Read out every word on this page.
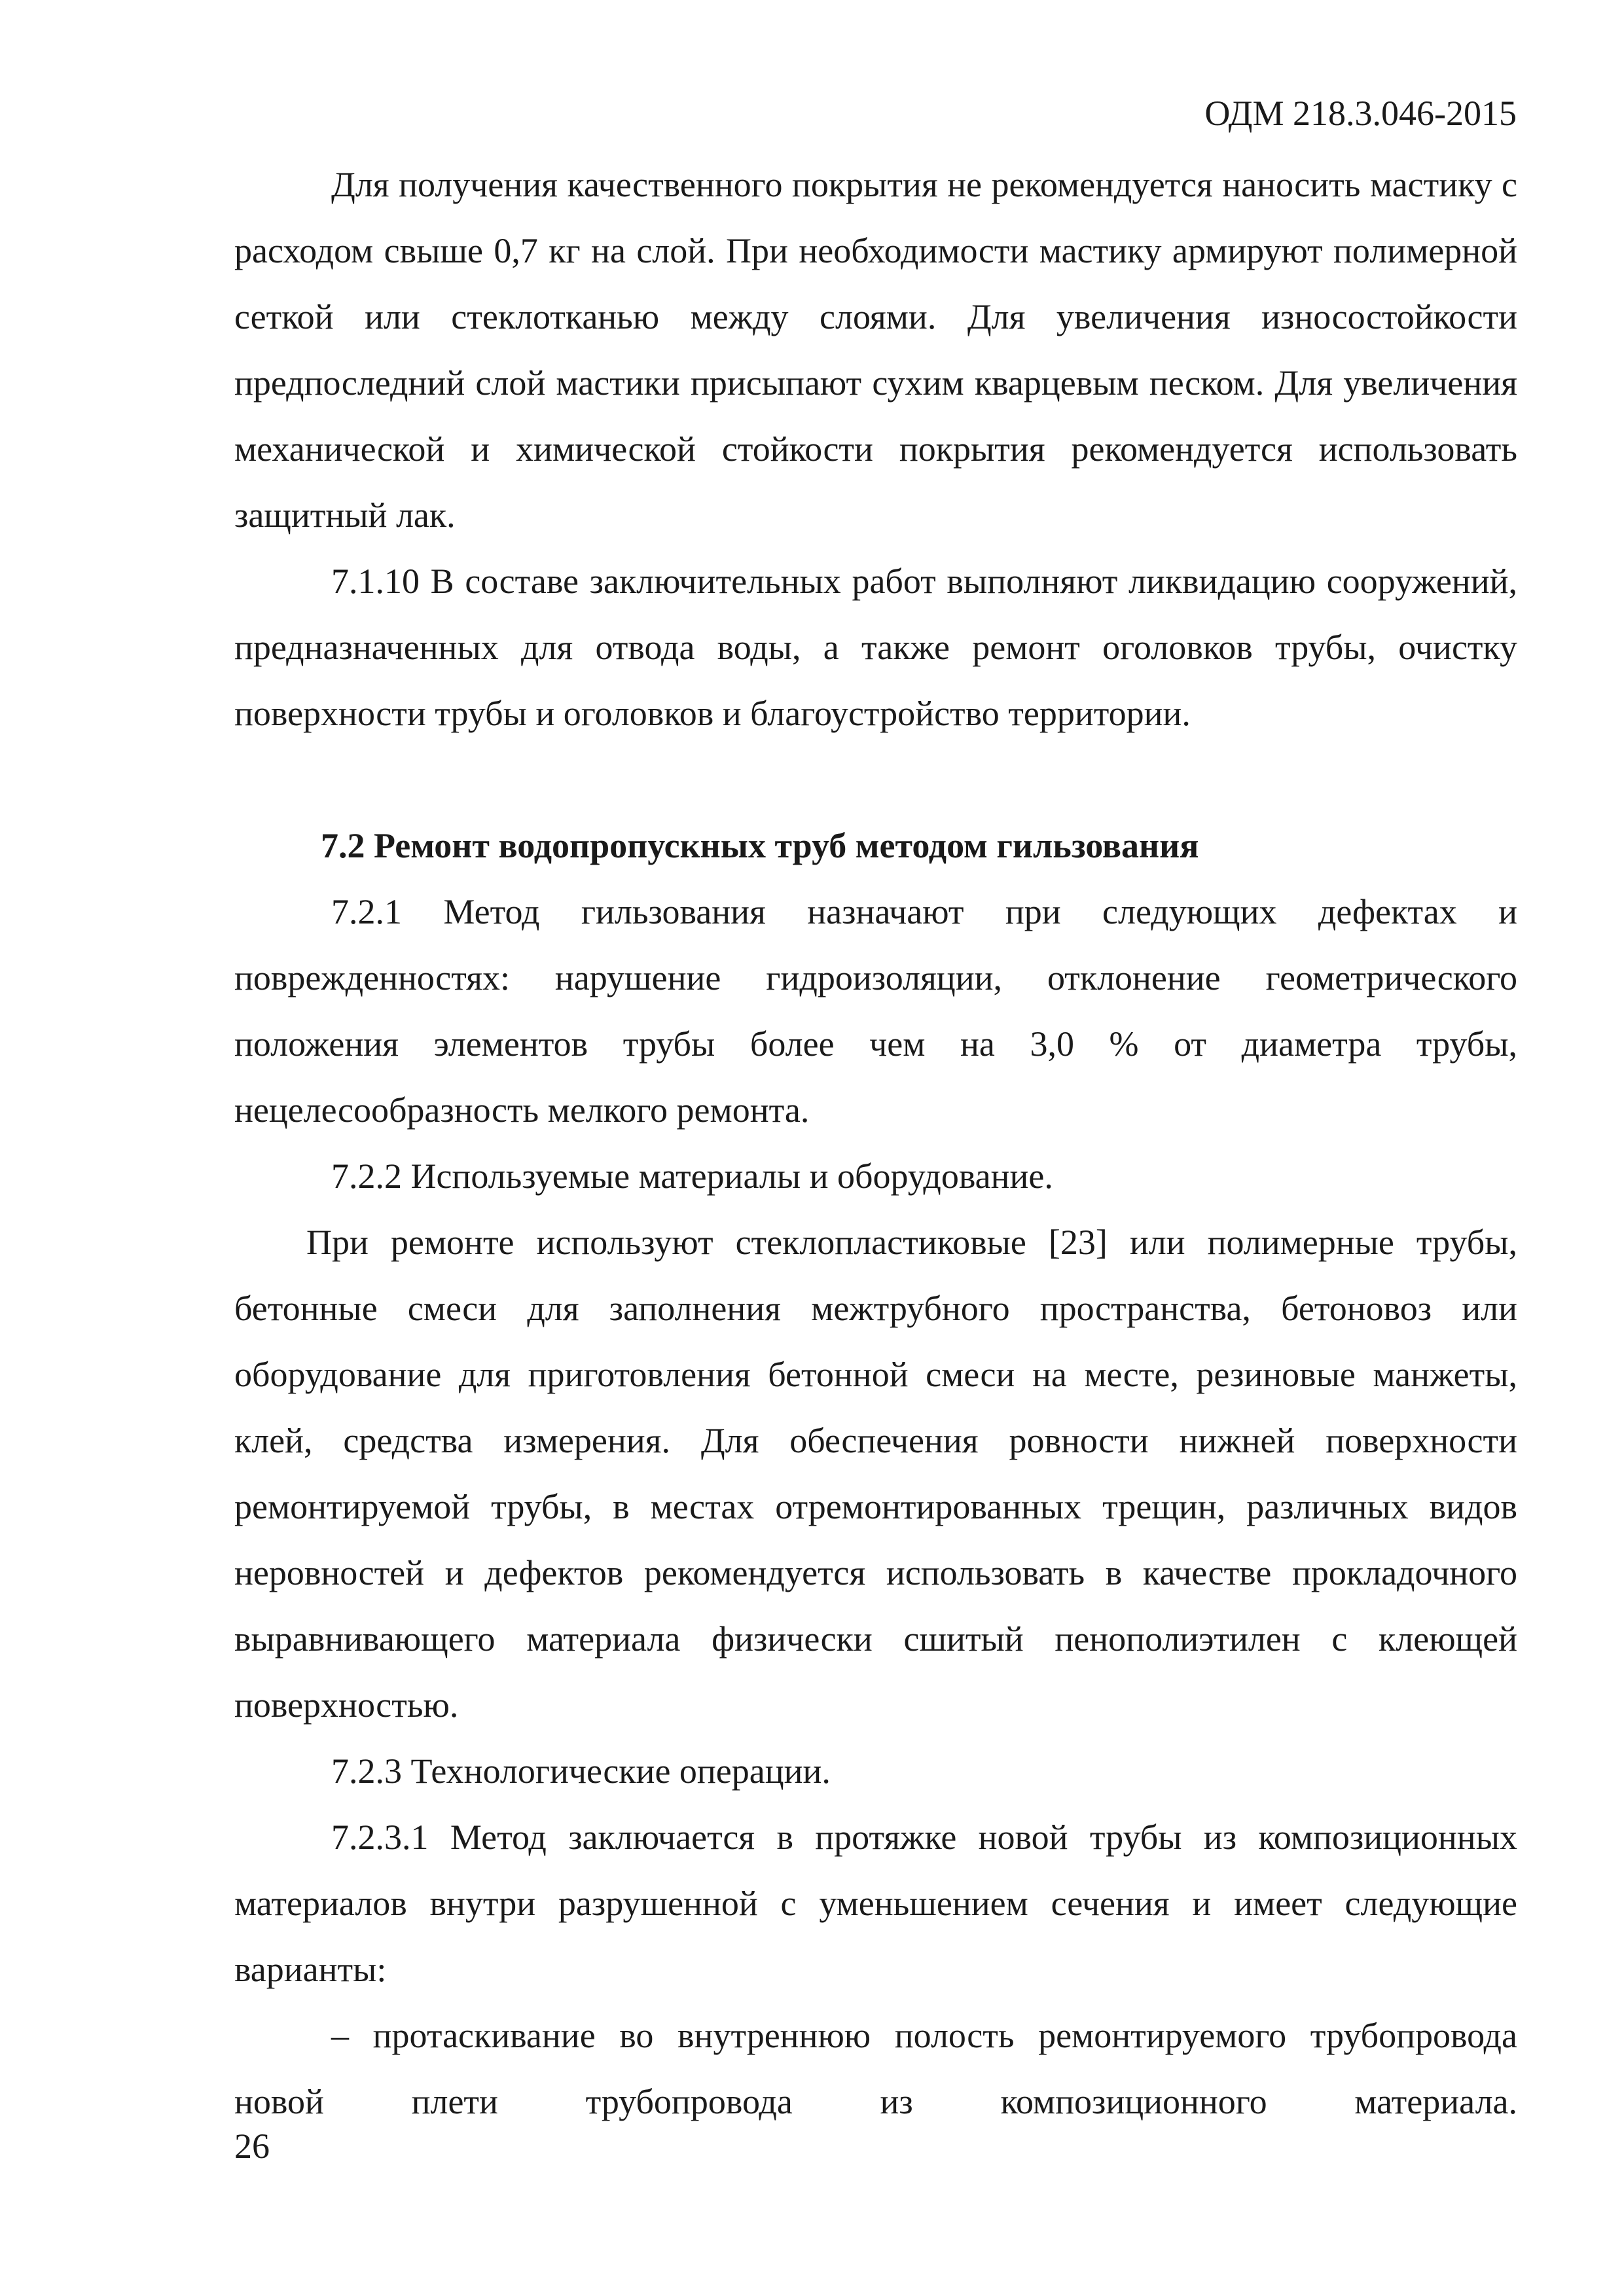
ОДМ 218.3.046-2015

Для получения качественного покрытия не рекомендуется наносить мастику с расходом свыше 0,7 кг на слой. При необходимости мастику армируют полимерной сеткой или стеклотканью между слоями. Для увеличения износостойкости предпоследний слой мастики присыпают сухим кварцевым песком. Для увеличения механической и химической стойкости покрытия рекомендуется использовать защитный лак.

7.1.10 В составе заключительных работ выполняют ликвидацию сооружений, предназначенных для отвода воды, а также ремонт оголовков трубы, очистку поверхности трубы и оголовков и благоустройство территории.

7.2 Ремонт водопропускных труб методом гильзования

7.2.1 Метод гильзования назначают при следующих дефектах и поврежденностях: нарушение гидроизоляции, отклонение геометрического положения элементов трубы более чем на 3,0 % от диаметра трубы, нецелесообразность мелкого ремонта.

7.2.2 Используемые материалы и оборудование.

При ремонте используют стеклопластиковые [23] или полимерные трубы, бетонные смеси для заполнения межтрубного пространства, бетоновоз или оборудование для приготовления бетонной смеси на месте, резиновые манжеты, клей, средства измерения. Для обеспечения ровности нижней поверхности ремонтируемой трубы, в местах отремонтированных трещин, различных видов неровностей и дефектов рекомендуется использовать в качестве прокладочного выравнивающего материала физически сшитый пенополиэтилен с клеющей поверхностью.

7.2.3 Технологические операции.

7.2.3.1 Метод заключается в протяжке новой трубы из композиционных материалов внутри разрушенной с уменьшением сечения и имеет следующие варианты:

– протаскивание во внутреннюю полость ремонтируемого трубопровода новой плети трубопровода из композиционного материала.

26
